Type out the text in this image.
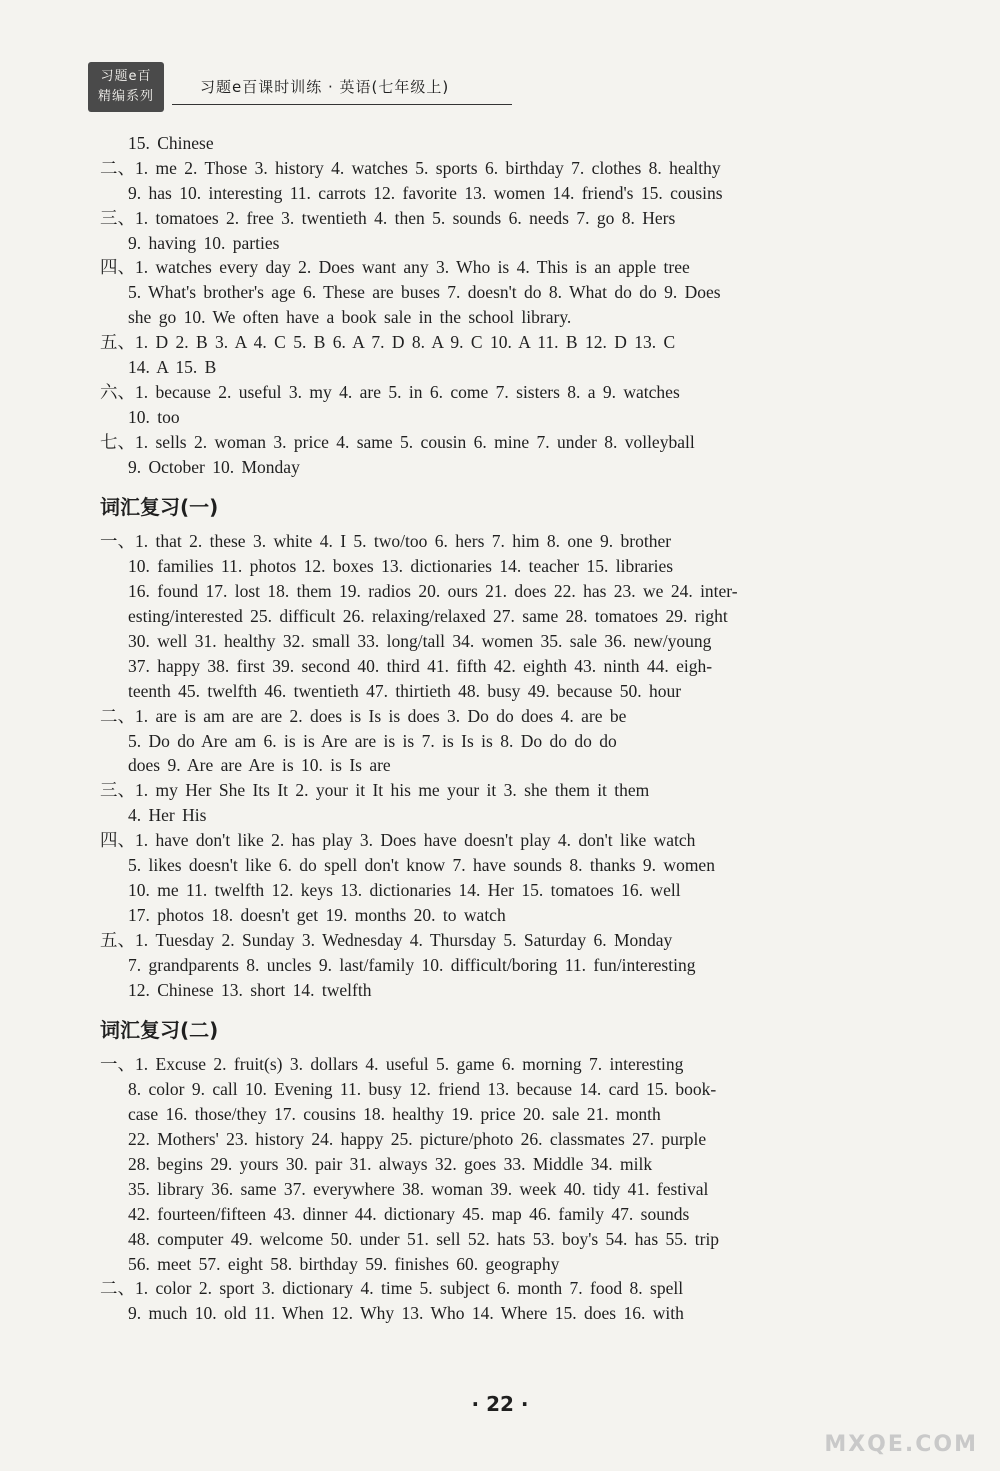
习题e百
精编系列
习题e百课时训练 · 英语(七年级上)
15. Chinese
二、1. me 2. Those 3. history 4. watches 5. sports 6. birthday 7. clothes 8. healthy
9. has 10. interesting 11. carrots 12. favorite 13. women 14. friend's 15. cousins
三、1. tomatoes 2. free 3. twentieth 4. then 5. sounds 6. needs 7. go 8. Hers
9. having 10. parties
四、1. watches every day 2. Does want any 3. Who is 4. This is an apple tree
5. What's brother's age 6. These are buses 7. doesn't do 8. What do do 9. Does
she go 10. We often have a book sale in the school library.
五、1. D 2. B 3. A 4. C 5. B 6. A 7. D 8. A 9. C 10. A 11. B 12. D 13. C
14. A 15. B
六、1. because 2. useful 3. my 4. are 5. in 6. come 7. sisters 8. a 9. watches
10. too
七、1. sells 2. woman 3. price 4. same 5. cousin 6. mine 7. under 8. volleyball
9. October 10. Monday
词汇复习(一)
一、1. that 2. these 3. white 4. I 5. two/too 6. hers 7. him 8. one 9. brother
10. families 11. photos 12. boxes 13. dictionaries 14. teacher 15. libraries
16. found 17. lost 18. them 19. radios 20. ours 21. does 22. has 23. we 24. inter-
esting/interested 25. difficult 26. relaxing/relaxed 27. same 28. tomatoes 29. right
30. well 31. healthy 32. small 33. long/tall 34. women 35. sale 36. new/young
37. happy 38. first 39. second 40. third 41. fifth 42. eighth 43. ninth 44. eigh-
teenth 45. twelfth 46. twentieth 47. thirtieth 48. busy 49. because 50. hour
二、1. are is am are are 2. does is Is is does 3. Do do does 4. are be
5. Do do Are am 6. is is Are are is is 7. is Is is 8. Do do do do
does 9. Are are Are is 10. is Is are
三、1. my Her She Its It 2. your it It his me your it 3. she them it them
4. Her His
四、1. have don't like 2. has play 3. Does have doesn't play 4. don't like watch
5. likes doesn't like 6. do spell don't know 7. have sounds 8. thanks 9. women
10. me 11. twelfth 12. keys 13. dictionaries 14. Her 15. tomatoes 16. well
17. photos 18. doesn't get 19. months 20. to watch
五、1. Tuesday 2. Sunday 3. Wednesday 4. Thursday 5. Saturday 6. Monday
7. grandparents 8. uncles 9. last/family 10. difficult/boring 11. fun/interesting
12. Chinese 13. short 14. twelfth
词汇复习(二)
一、1. Excuse 2. fruit(s) 3. dollars 4. useful 5. game 6. morning 7. interesting
8. color 9. call 10. Evening 11. busy 12. friend 13. because 14. card 15. book-
case 16. those/they 17. cousins 18. healthy 19. price 20. sale 21. month
22. Mothers' 23. history 24. happy 25. picture/photo 26. classmates 27. purple
28. begins 29. yours 30. pair 31. always 32. goes 33. Middle 34. milk
35. library 36. same 37. everywhere 38. woman 39. week 40. tidy 41. festival
42. fourteen/fifteen 43. dinner 44. dictionary 45. map 46. family 47. sounds
48. computer 49. welcome 50. under 51. sell 52. hats 53. boy's 54. has 55. trip
56. meet 57. eight 58. birthday 59. finishes 60. geography
二、1. color 2. sport 3. dictionary 4. time 5. subject 6. month 7. food 8. spell
9. much 10. old 11. When 12. Why 13. Who 14. Where 15. does 16. with
· 22 ·
MXQE.COM
